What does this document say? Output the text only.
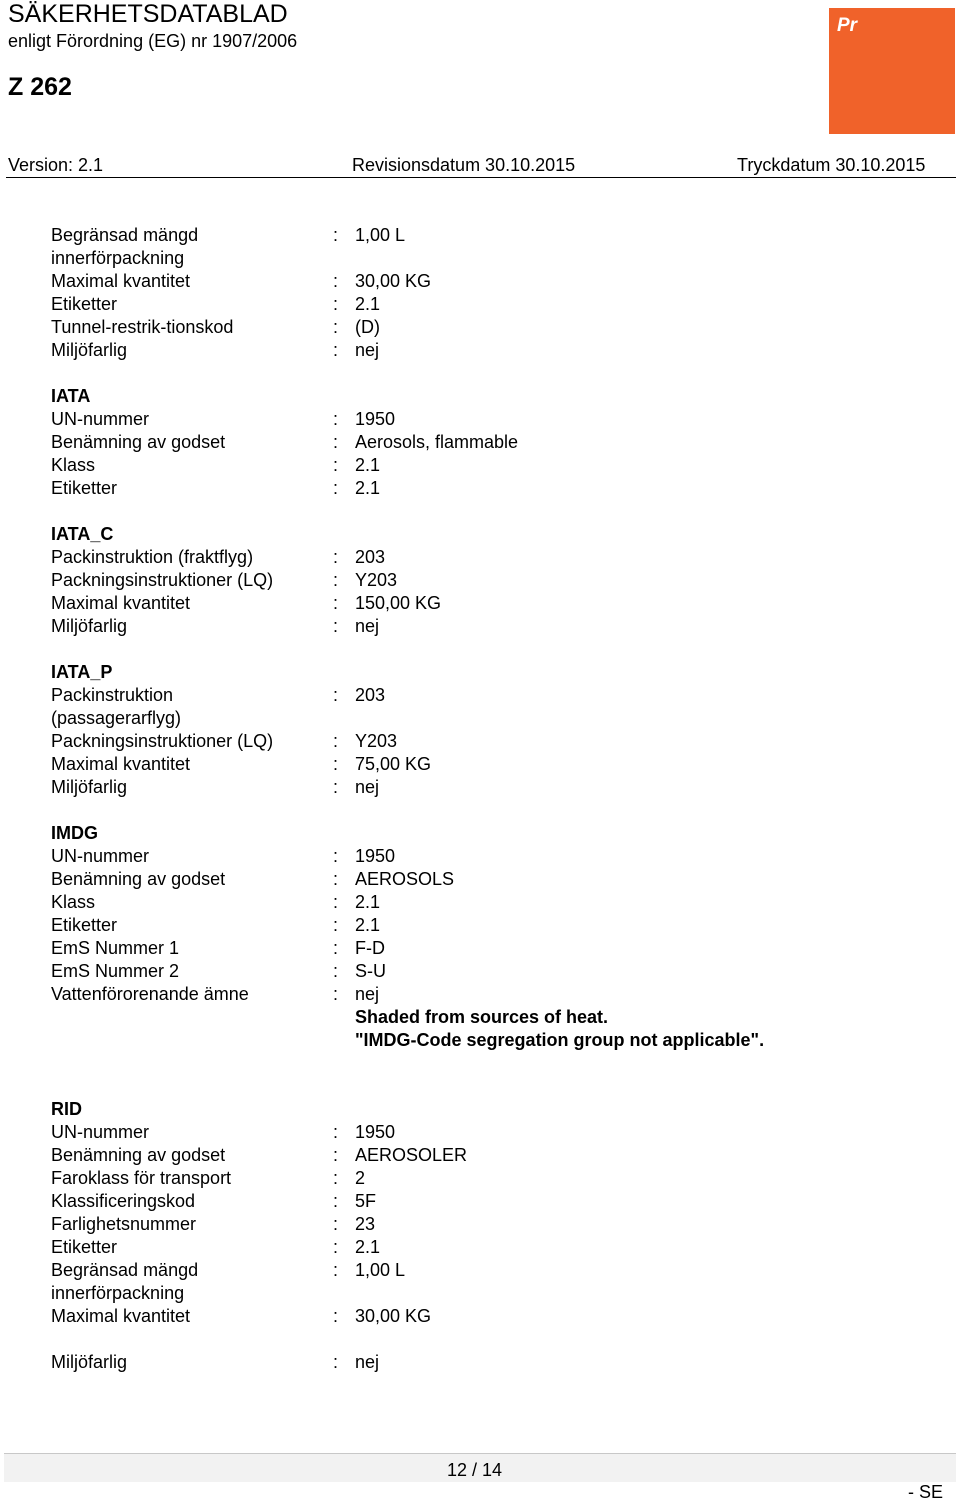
SÄKERHETSDATABLAD
enligt Förordning (EG) nr 1907/2006
Z 262
Pr
Version: 2.1	Revisionsdatum 30.10.2015	Tryckdatum 30.10.2015
Begränsad mängd	: 1,00 L
innerförpackning
Maximal kvantitet	: 30,00 KG
Etiketter	: 2.1
Tunnel-restrik-tionskod	: (D)
Miljöfarlig	: nej
IATA
UN-nummer	: 1950
Benämning av godset	: Aerosols, flammable
Klass	: 2.1
Etiketter	: 2.1
IATA_C
Packinstruktion (fraktflyg)	: 203
Packningsinstruktioner (LQ)	: Y203
Maximal kvantitet	: 150,00 KG
Miljöfarlig	: nej
IATA_P
Packinstruktion	: 203
(passagerarflyg)
Packningsinstruktioner (LQ)	: Y203
Maximal kvantitet	: 75,00 KG
Miljöfarlig	: nej
IMDG
UN-nummer	: 1950
Benämning av godset	: AEROSOLS
Klass	: 2.1
Etiketter	: 2.1
EmS Nummer 1	: F-D
EmS Nummer 2	: S-U
Vattenförorenande ämne	: nej
Shaded from sources of heat.
"IMDG-Code segregation group not applicable".
RID
UN-nummer	: 1950
Benämning av godset	: AEROSOLER
Faroklass för transport	: 2
Klassificeringskod	: 5F
Farlighetsnummer	: 23
Etiketter	: 2.1
Begränsad mängd	: 1,00 L
innerförpackning
Maximal kvantitet	: 30,00 KG
Miljöfarlig	: nej
12 / 14
- SE
